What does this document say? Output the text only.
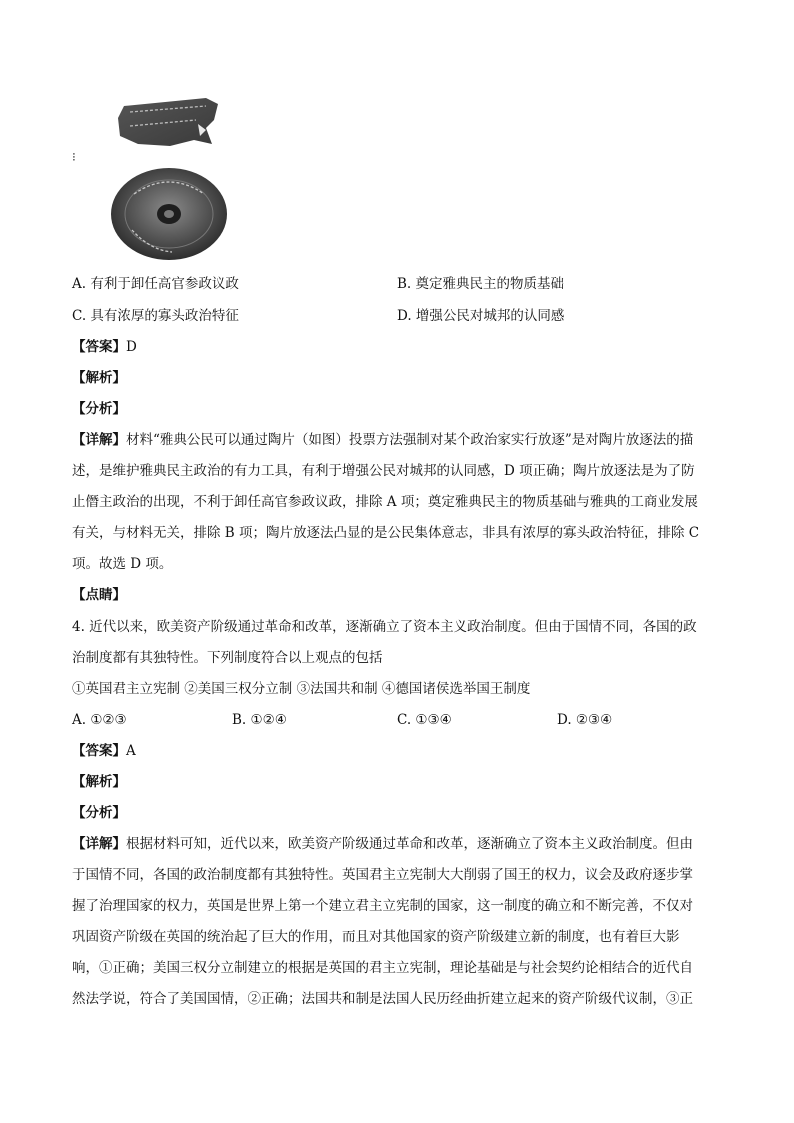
⁝
A. 有利于卸任高官参政议政	B. 奠定雅典民主的物质基础
C. 具有浓厚的寡头政治特征	D. 增强公民对城邦的认同感
【答案】D
【解析】
【分析】
【详解】材料“雅典公民可以通过陶片（如图）投票方法强制对某个政治家实行放逐”是对陶片放逐法的描
述，是维护雅典民主政治的有力工具，有利于增强公民对城邦的认同感，D 项正确；陶片放逐法是为了防
止僭主政治的出现，不利于卸任高官参政议政，排除 A 项；奠定雅典民主的物质基础与雅典的工商业发展
有关，与材料无关，排除 B 项；陶片放逐法凸显的是公民集体意志，非具有浓厚的寡头政治特征，排除 C
项。故选 D 项。
【点睛】
4. 近代以来，欧美资产阶级通过革命和改革，逐渐确立了资本主义政治制度。但由于国情不同，各国的政
治制度都有其独特性。下列制度符合以上观点的包括
①英国君主立宪制 ②美国三权分立制 ③法国共和制 ④德国诸侯选举国王制度
A. ①②③	B. ①②④	C. ①③④	D. ②③④
【答案】A
【解析】
【分析】
【详解】根据材料可知，近代以来，欧美资产阶级通过革命和改革，逐渐确立了资本主义政治制度。但由
于国情不同，各国的政治制度都有其独特性。英国君主立宪制大大削弱了国王的权力，议会及政府逐步掌
握了治理国家的权力，英国是世界上第一个建立君主立宪制的国家，这一制度的确立和不断完善，不仅对
巩固资产阶级在英国的统治起了巨大的作用，而且对其他国家的资产阶级建立新的制度，也有着巨大影
响，①正确；美国三权分立制建立的根据是英国的君主立宪制，理论基础是与社会契约论相结合的近代自
然法学说，符合了美国国情，②正确；法国共和制是法国人民历经曲折建立起来的资产阶级代议制，③正
